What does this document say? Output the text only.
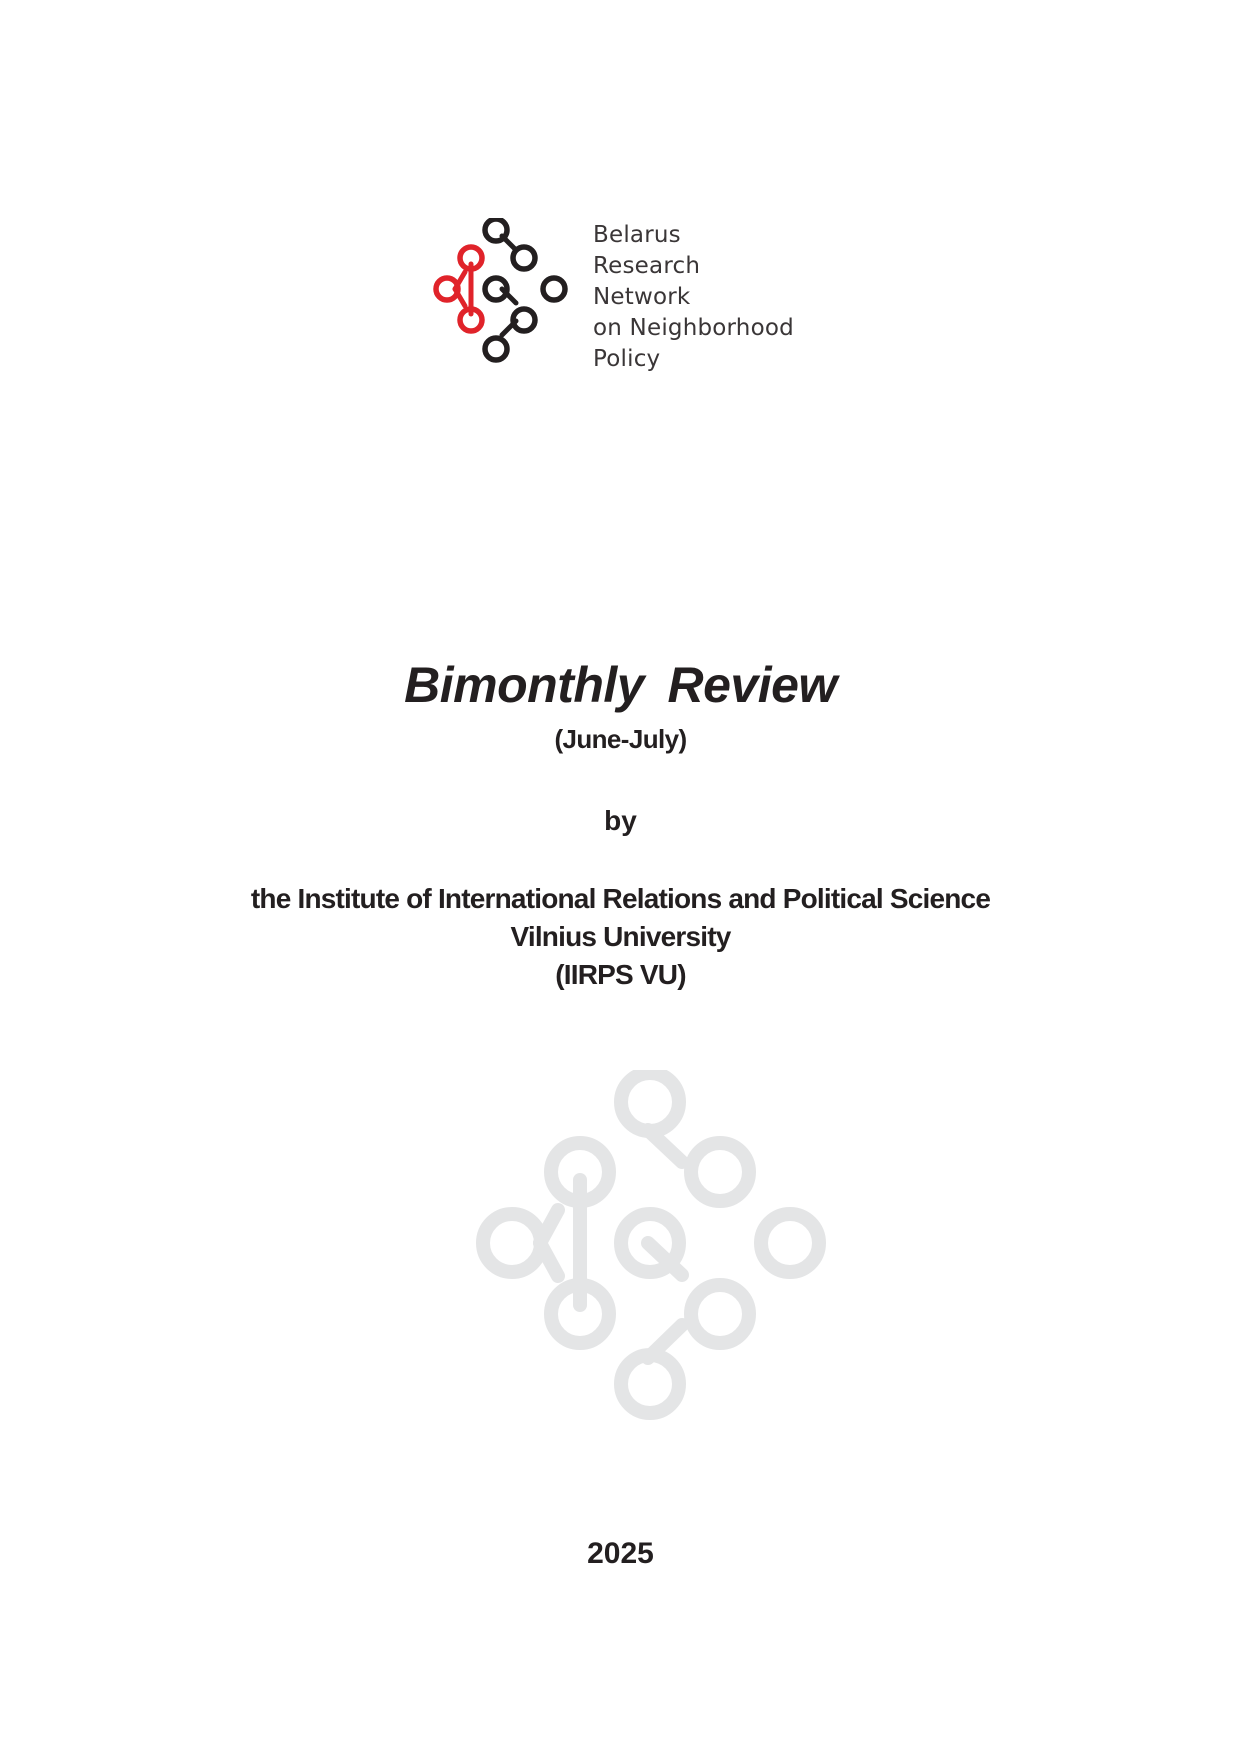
Belarus
Research
Network
on Neighborhood
Policy
Bimonthly Review
(June-July)
by
the Institute of International Relations and Political Science
Vilnius University
(IIRPS VU)
2025
